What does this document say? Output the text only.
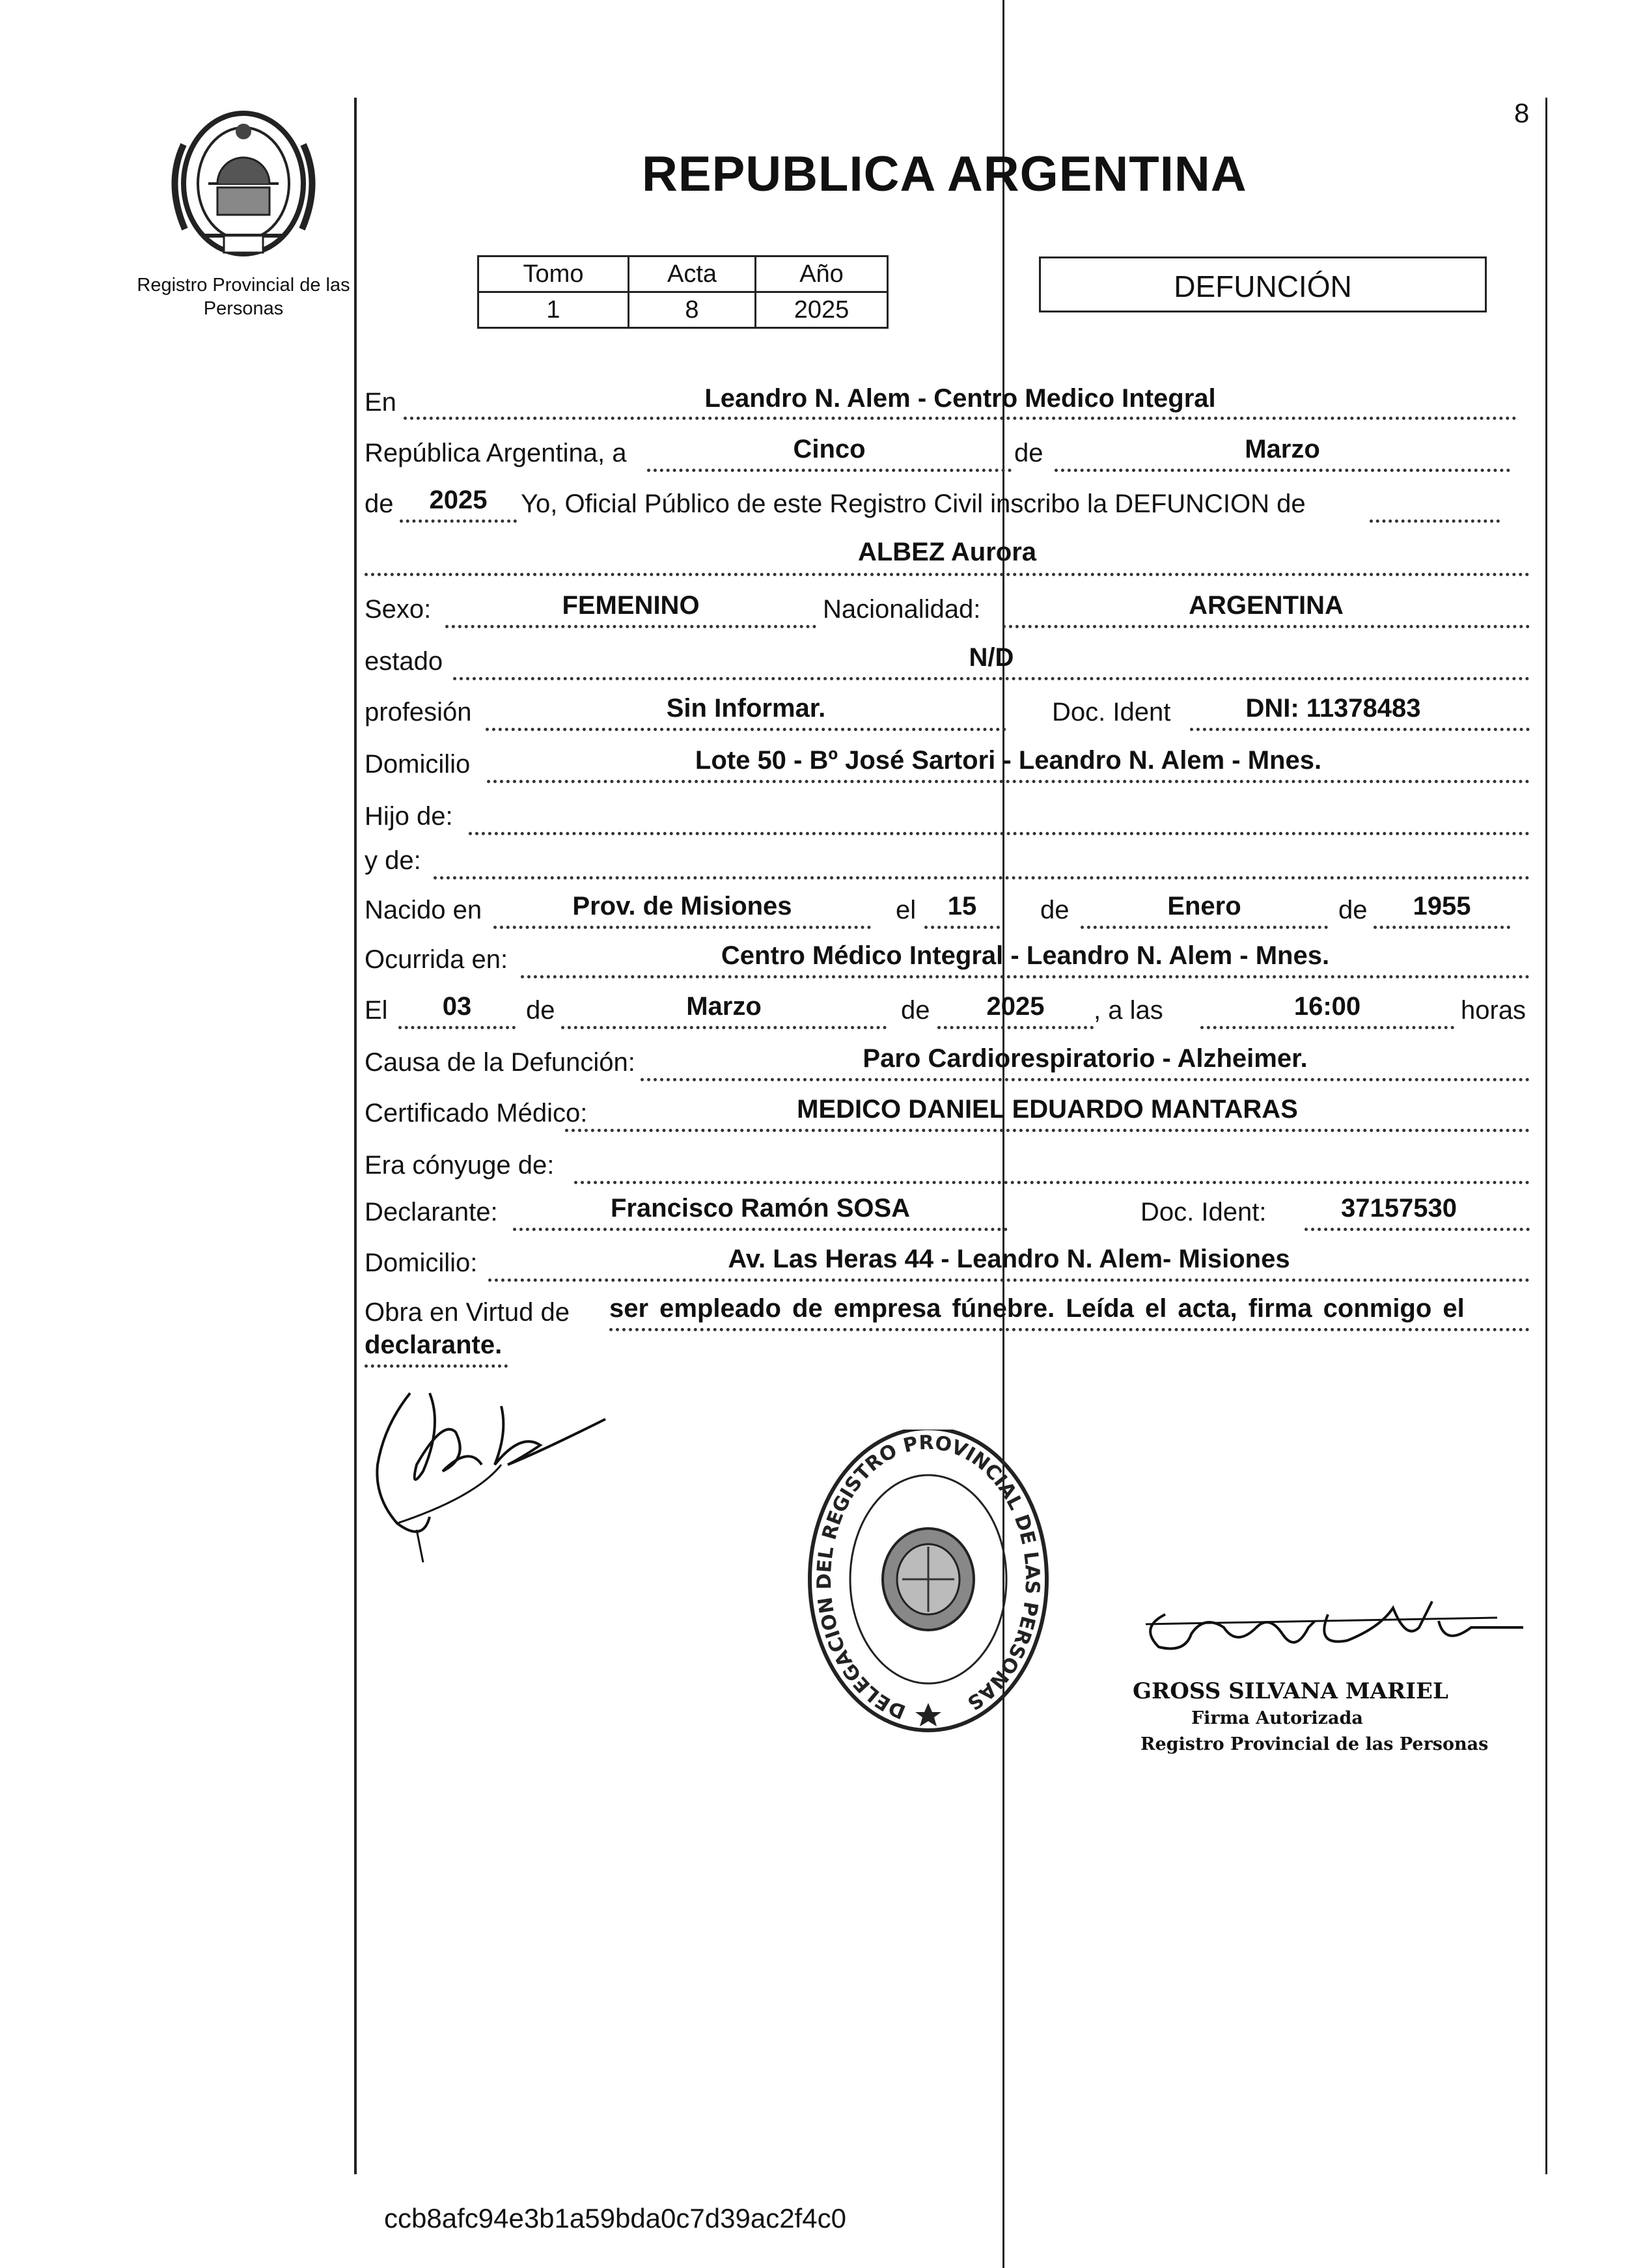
8
Registro Provincial de las Personas
REPUBLICA ARGENTINA
Tomo	Acta	Año
1	8	2025
DEFUNCIÓN
En	Leandro N. Alem - Centro Medico Integral
República Argentina, a	Cinco	de	Marzo
de	2025	Yo, Oficial Público de este Registro Civil inscribo la DEFUNCION de
ALBEZ Aurora
Sexo:	FEMENINO	Nacionalidad:	ARGENTINA
estado	N/D
profesión	Sin Informar.	Doc. Ident	DNI: 11378483
Domicilio	Lote 50 - Bº José Sartori - Leandro N. Alem - Mnes.
Hijo de:
y de:
Nacido en	Prov. de Misiones	el	15	de	Enero	de	1955
Ocurrida en:	Centro Médico Integral - Leandro N. Alem - Mnes.
El	03	de	Marzo	de	2025	, a las	16:00	horas
Causa de la Defunción:	Paro Cardiorespiratorio - Alzheimer.
Certificado Médico:	MEDICO DANIEL EDUARDO MANTARAS
Era cónyuge de:
Declarante:	Francisco Ramón SOSA	Doc. Ident:	37157530
Domicilio:	Av. Las Heras 44 - Leandro N. Alem- Misiones
Obra en Virtud de ser empleado de empresa fúnebre. Leída el acta, firma conmigo el
declarante.
DELEGACION DEL REGISTRO PROVINCIAL DE LAS PERSONAS	GROSS SILVANA MARIEL
Firma Autorizada
Registro Provincial de las Personas
ccb8afc94e3b1a59bda0c7d39ac2f4c0
